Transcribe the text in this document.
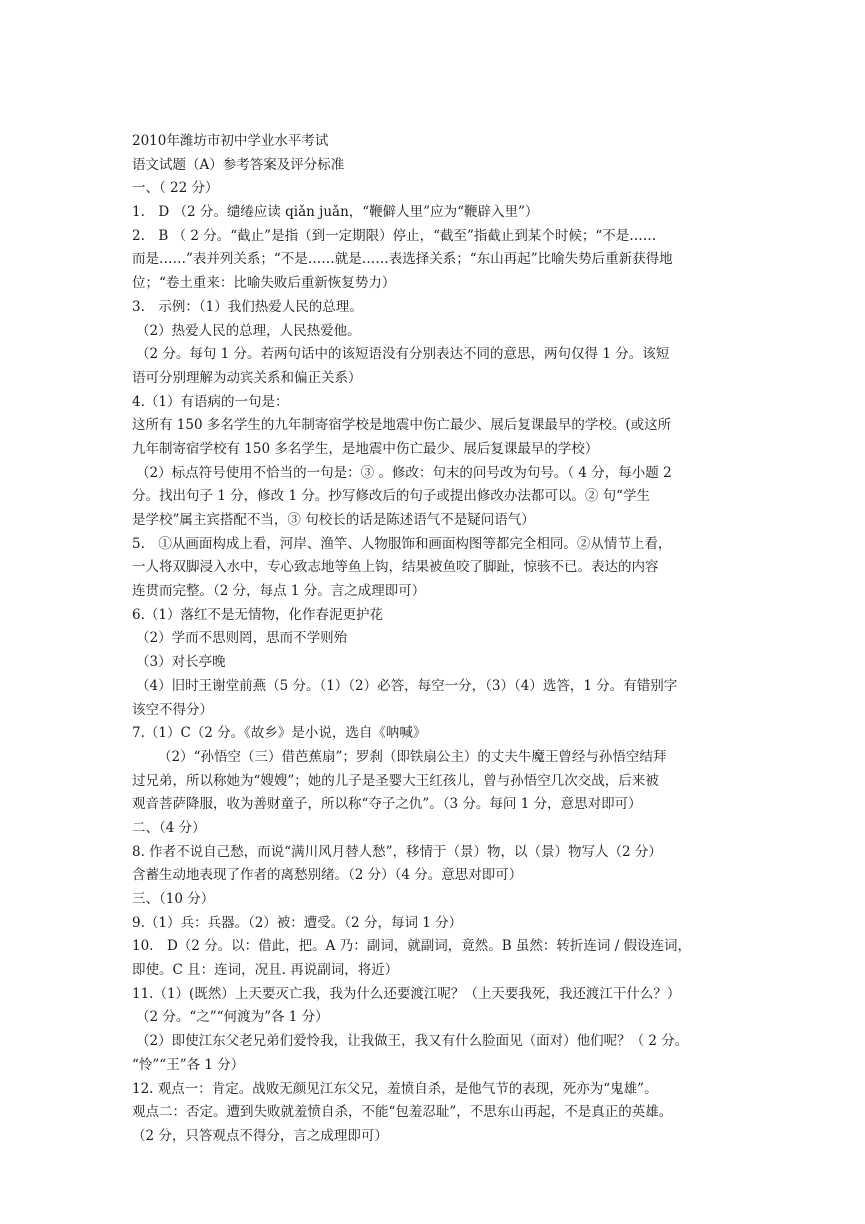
2010年潍坊市初中学业水平考试
语文试题（A）参考答案及评分标准
一、（ 22 分）
1.　D （2 分。缱绻应读 qiǎn juǎn，“鞭僻人里”应为“鞭辟入里”）
2.　B （ 2 分。“截止”是指（到一定期限）停止，“截至”指截止到某个时候；“不是……
而是……”表并列关系；“不是……就是……表选择关系；“东山再起”比喻失势后重新获得地
位；“卷土重来：比喻失败后重新恢复势力）
3.　示例：（1）我们热爱人民的总理。
（2）热爱人民的总理，人民热爱他。
（2 分。每句 1 分。若两句话中的该短语没有分别表达不同的意思，两句仅得 1 分。该短
语可分别理解为动宾关系和偏正关系）
4.（1）有语病的一句是：
这所有 150 多名学生的九年制寄宿学校是地震中伤亡最少、展后复课最早的学校。(或这所
九年制寄宿学校有 150 多名学生，是地震中伤亡最少、展后复课最早的学校）
（2）标点符号使用不恰当的一句是：③ 。修改：句末的问号改为句号。（ 4 分，每小题 2
分。找出句子 1 分，修改 1 分。抄写修改后的句子或提出修改办法都可以。② 句“学生
是学校”属主宾搭配不当，③ 句校长的话是陈述语气不是疑问语气）
5.　①从画面构成上看，河岸、渔竿、人物服饰和画面构图等都完全相同。②从情节上看，
一人将双脚浸入水中，专心致志地等鱼上钩，结果被鱼咬了脚趾，惊骇不已。表达的内容
连贯而完整。（2 分，每点 1 分。言之成理即可）
6.（1）落红不是无情物，化作春泥更护花
（2）学而不思则罔，思而不学则殆
（3）对长亭晚
（4）旧时王谢堂前燕（5 分。（1）（2）必答，每空一分，（3）（4）选答，1 分。有错别字
该空不得分）
7.（1）C（2 分。《故乡》是小说，选自《呐喊》
（2）“孙悟空（三）借芭蕉扇”；罗刹（即铁扇公主）的丈夫牛魔王曾经与孙悟空结拜
过兄弟，所以称她为“嫂嫂”；她的儿子是圣婴大王红孩儿，曾与孙悟空几次交战，后来被
观音菩萨降服，收为善财童子，所以称“夺子之仇”。（3 分。每问 1 分，意思对即可）
二、（4 分）
8. 作者不说自己愁，而说“满川风月替人愁”，移情于（景）物，以（景）物写人（2 分）
含蓄生动地表现了作者的离愁别绪。（2 分）（4 分。意思对即可）
三、（10 分）
9.（1）兵：兵器。（2）被：遭受。（2 分，每词 1 分）
10.　D（2 分。以：借此，把。A 乃：副词，就副词，竟然。B 虽然：转折连词 / 假设连词，
即使。C 且：连词，况且. 再说副词，将近）
11.（1）(既然）上天要灭亡我，我为什么还要渡江呢？（上天要我死，我还渡江干什么？）
（2 分。“之”“何渡为”各 1 分）
（2）即使江东父老兄弟们爱怜我，让我做王，我又有什么脸面见（面对）他们呢？（ 2 分。
“怜”“王”各 1 分）
12. 观点一：肯定。战败无颜见江东父兄，羞愤自杀，是他气节的表现，死亦为“鬼雄”。
观点二：否定。遭到失败就羞愤自杀，不能“包羞忍耻”，不思东山再起，不是真正的英雄。
（2 分，只答观点不得分，言之成理即可）
